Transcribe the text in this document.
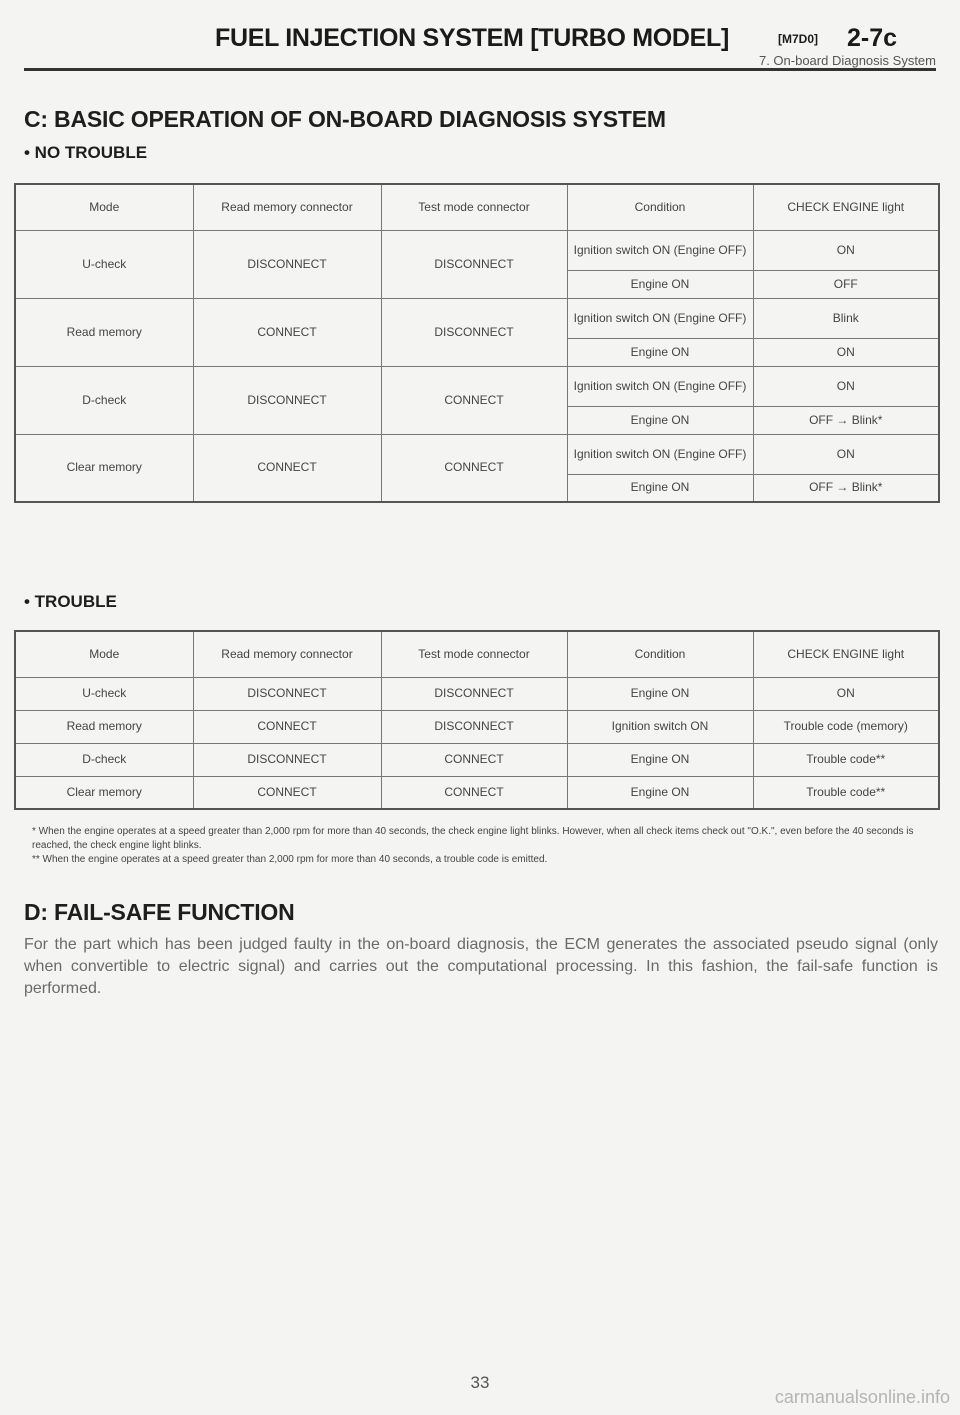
FUEL INJECTION SYSTEM [TURBO MODEL]	[M7D0] 2-7c
7. On-board Diagnosis System
C: BASIC OPERATION OF ON-BOARD DIAGNOSIS SYSTEM
• NO TROUBLE
Mode	Read memory connector	Test mode connector	Condition	CHECK ENGINE light
U-check	DISCONNECT	DISCONNECT	Ignition switch ON (Engine OFF)	ON
			Engine ON	OFF
Read memory	CONNECT	DISCONNECT	Ignition switch ON (Engine OFF)	Blink
			Engine ON	ON
D-check	DISCONNECT	CONNECT	Ignition switch ON (Engine OFF)	ON
			Engine ON	OFF → Blink*
Clear memory	CONNECT	CONNECT	Ignition switch ON (Engine OFF)	ON
			Engine ON	OFF → Blink*
• TROUBLE
Mode	Read memory connector	Test mode connector	Condition	CHECK ENGINE light
U-check	DISCONNECT	DISCONNECT	Engine ON	ON
Read memory	CONNECT	DISCONNECT	Ignition switch ON	Trouble code (memory)
D-check	DISCONNECT	CONNECT	Engine ON	Trouble code**
Clear memory	CONNECT	CONNECT	Engine ON	Trouble code**

* When the engine operates at a speed greater than 2,000 rpm for more than 40 seconds, the check engine light blinks. However, when all check items check out "O.K.", even before the 40 seconds is reached, the check engine light blinks.

** When the engine operates at a speed greater than 2,000 rpm for more than 40 seconds, a trouble code is emitted.

D: FAIL-SAFE FUNCTION
For the part which has been judged faulty in the on-board diagnosis, the ECM generates the associated pseudo signal (only when convertible to electric signal) and carries out the computational processing. In this fashion, the fail-safe function is performed.
33
carmanualsonline.info
